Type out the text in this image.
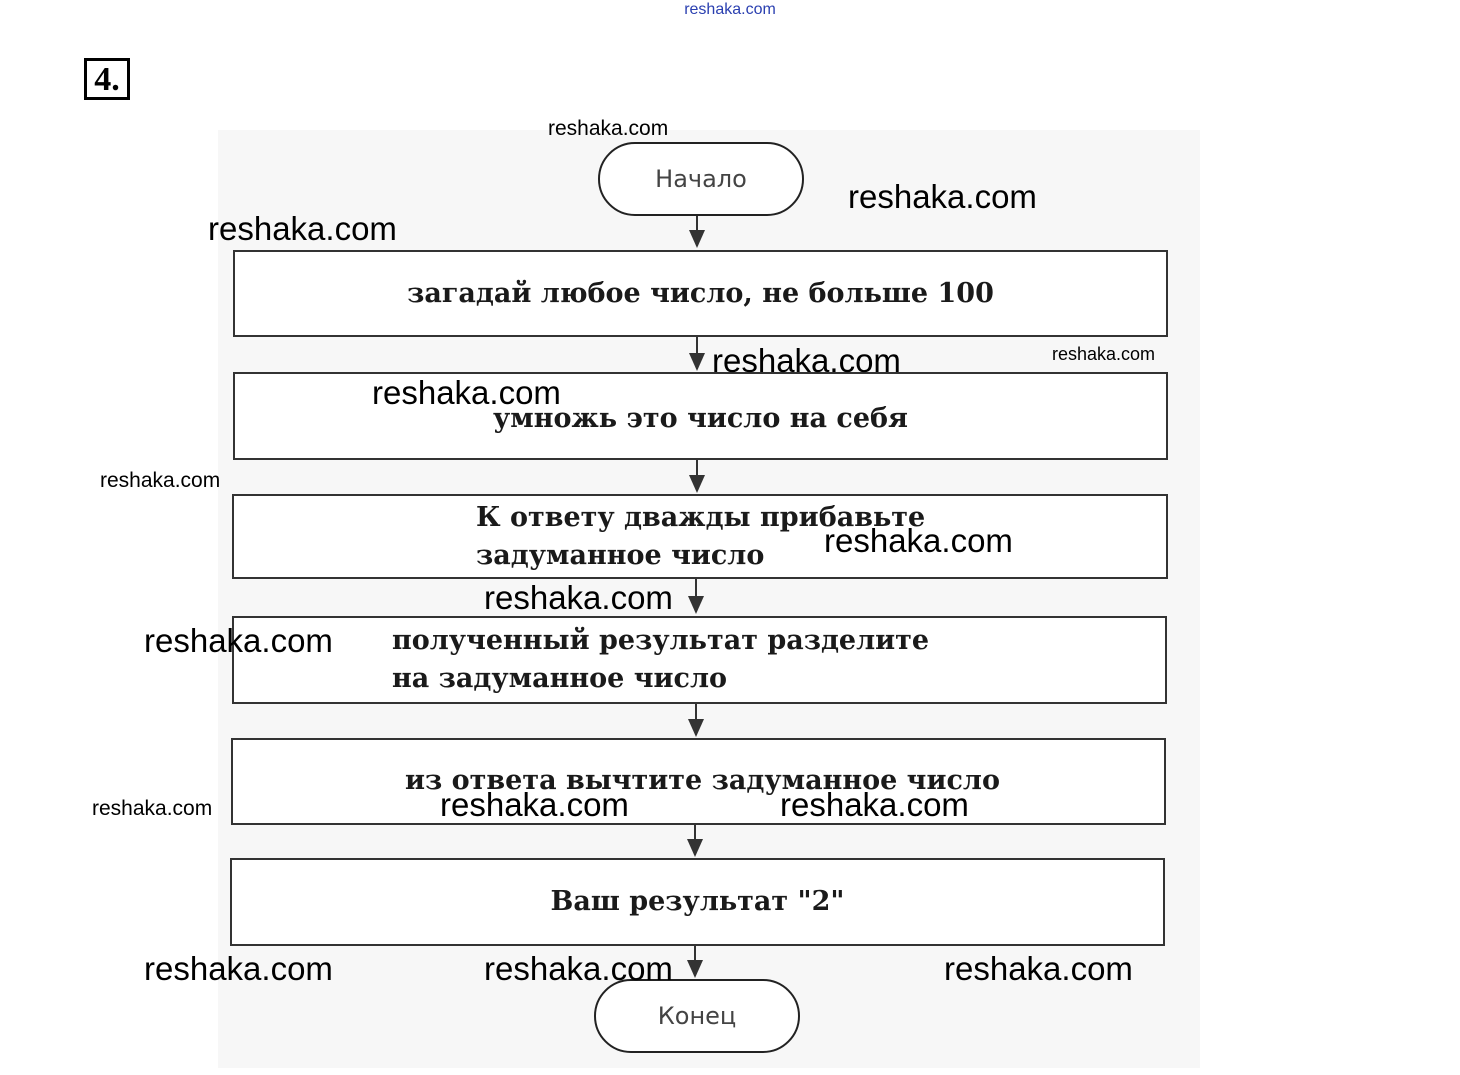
reshaka.com
4.
Начало
загадай любое число, не больше 100
умножь это число на себя
К ответу дважды прибавьте
задуманное число
полученный результат разделите
на задуманное число
из ответа вычтите задуманное число
Ваш результат "2"
Конец
reshaka.com
reshaka.com
reshaka.com
reshaka.com	reshaka.com
reshaka.com
reshaka.com
reshaka.com
reshaka.com
reshaka.com
reshaka.com	reshaka.com	reshaka.com
reshaka.com	reshaka.com	reshaka.com
